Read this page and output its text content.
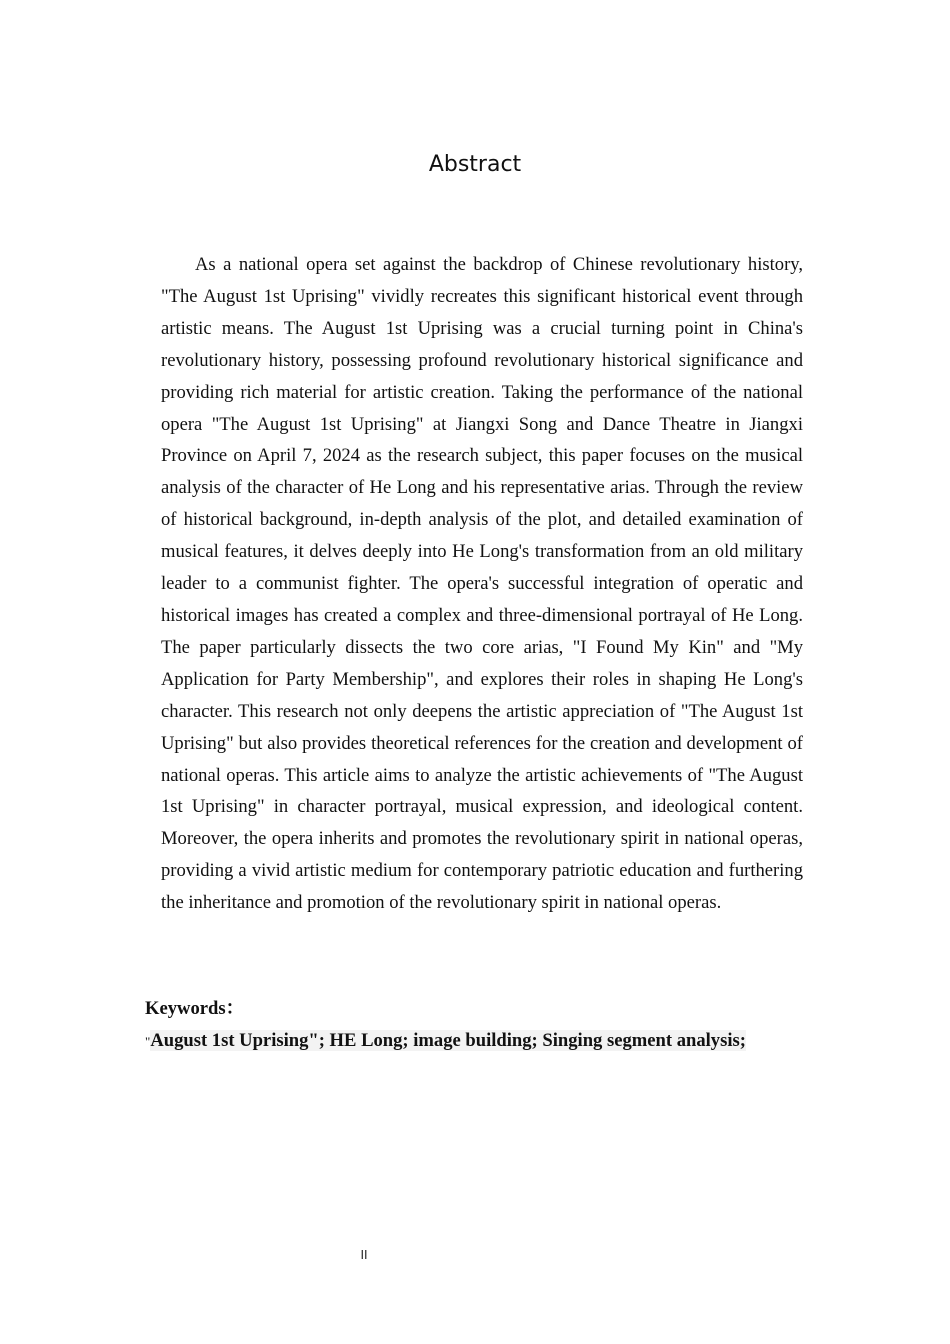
Abstract

As a national opera set against the backdrop of Chinese revolutionary history, "The August 1st Uprising" vividly recreates this significant historical event through artistic means. The August 1st Uprising was a crucial turning point in China's revolutionary history, possessing profound revolutionary historical significance and providing rich material for artistic creation. Taking the performance of the national opera "The August 1st Uprising" at Jiangxi Song and Dance Theatre in Jiangxi Province on April 7, 2024 as the research subject, this paper focuses on the musical analysis of the character of He Long and his representative arias. Through the review of historical background, in-depth analysis of the plot, and detailed examination of musical features, it delves deeply into He Long's transformation from an old military leader to a communist fighter. The opera's successful integration of operatic and historical images has created a complex and three-dimensional portrayal of He Long. The paper particularly dissects the two core arias, "I Found My Kin" and "My Application for Party Membership", and explores their roles in shaping He Long's character. This research not only deepens the artistic appreciation of "The August 1st Uprising" but also provides theoretical references for the creation and development of national operas. This article aims to analyze the artistic achievements of "The August 1st Uprising" in character portrayal, musical expression, and ideological content. Moreover, the opera inherits and promotes the revolutionary spirit in national operas, providing a vivid artistic medium for contemporary patriotic education and furthering the inheritance and promotion of the revolutionary spirit in national operas.

Keywords：
"August 1st Uprising"; HE Long; image building; Singing segment analysis;
II
